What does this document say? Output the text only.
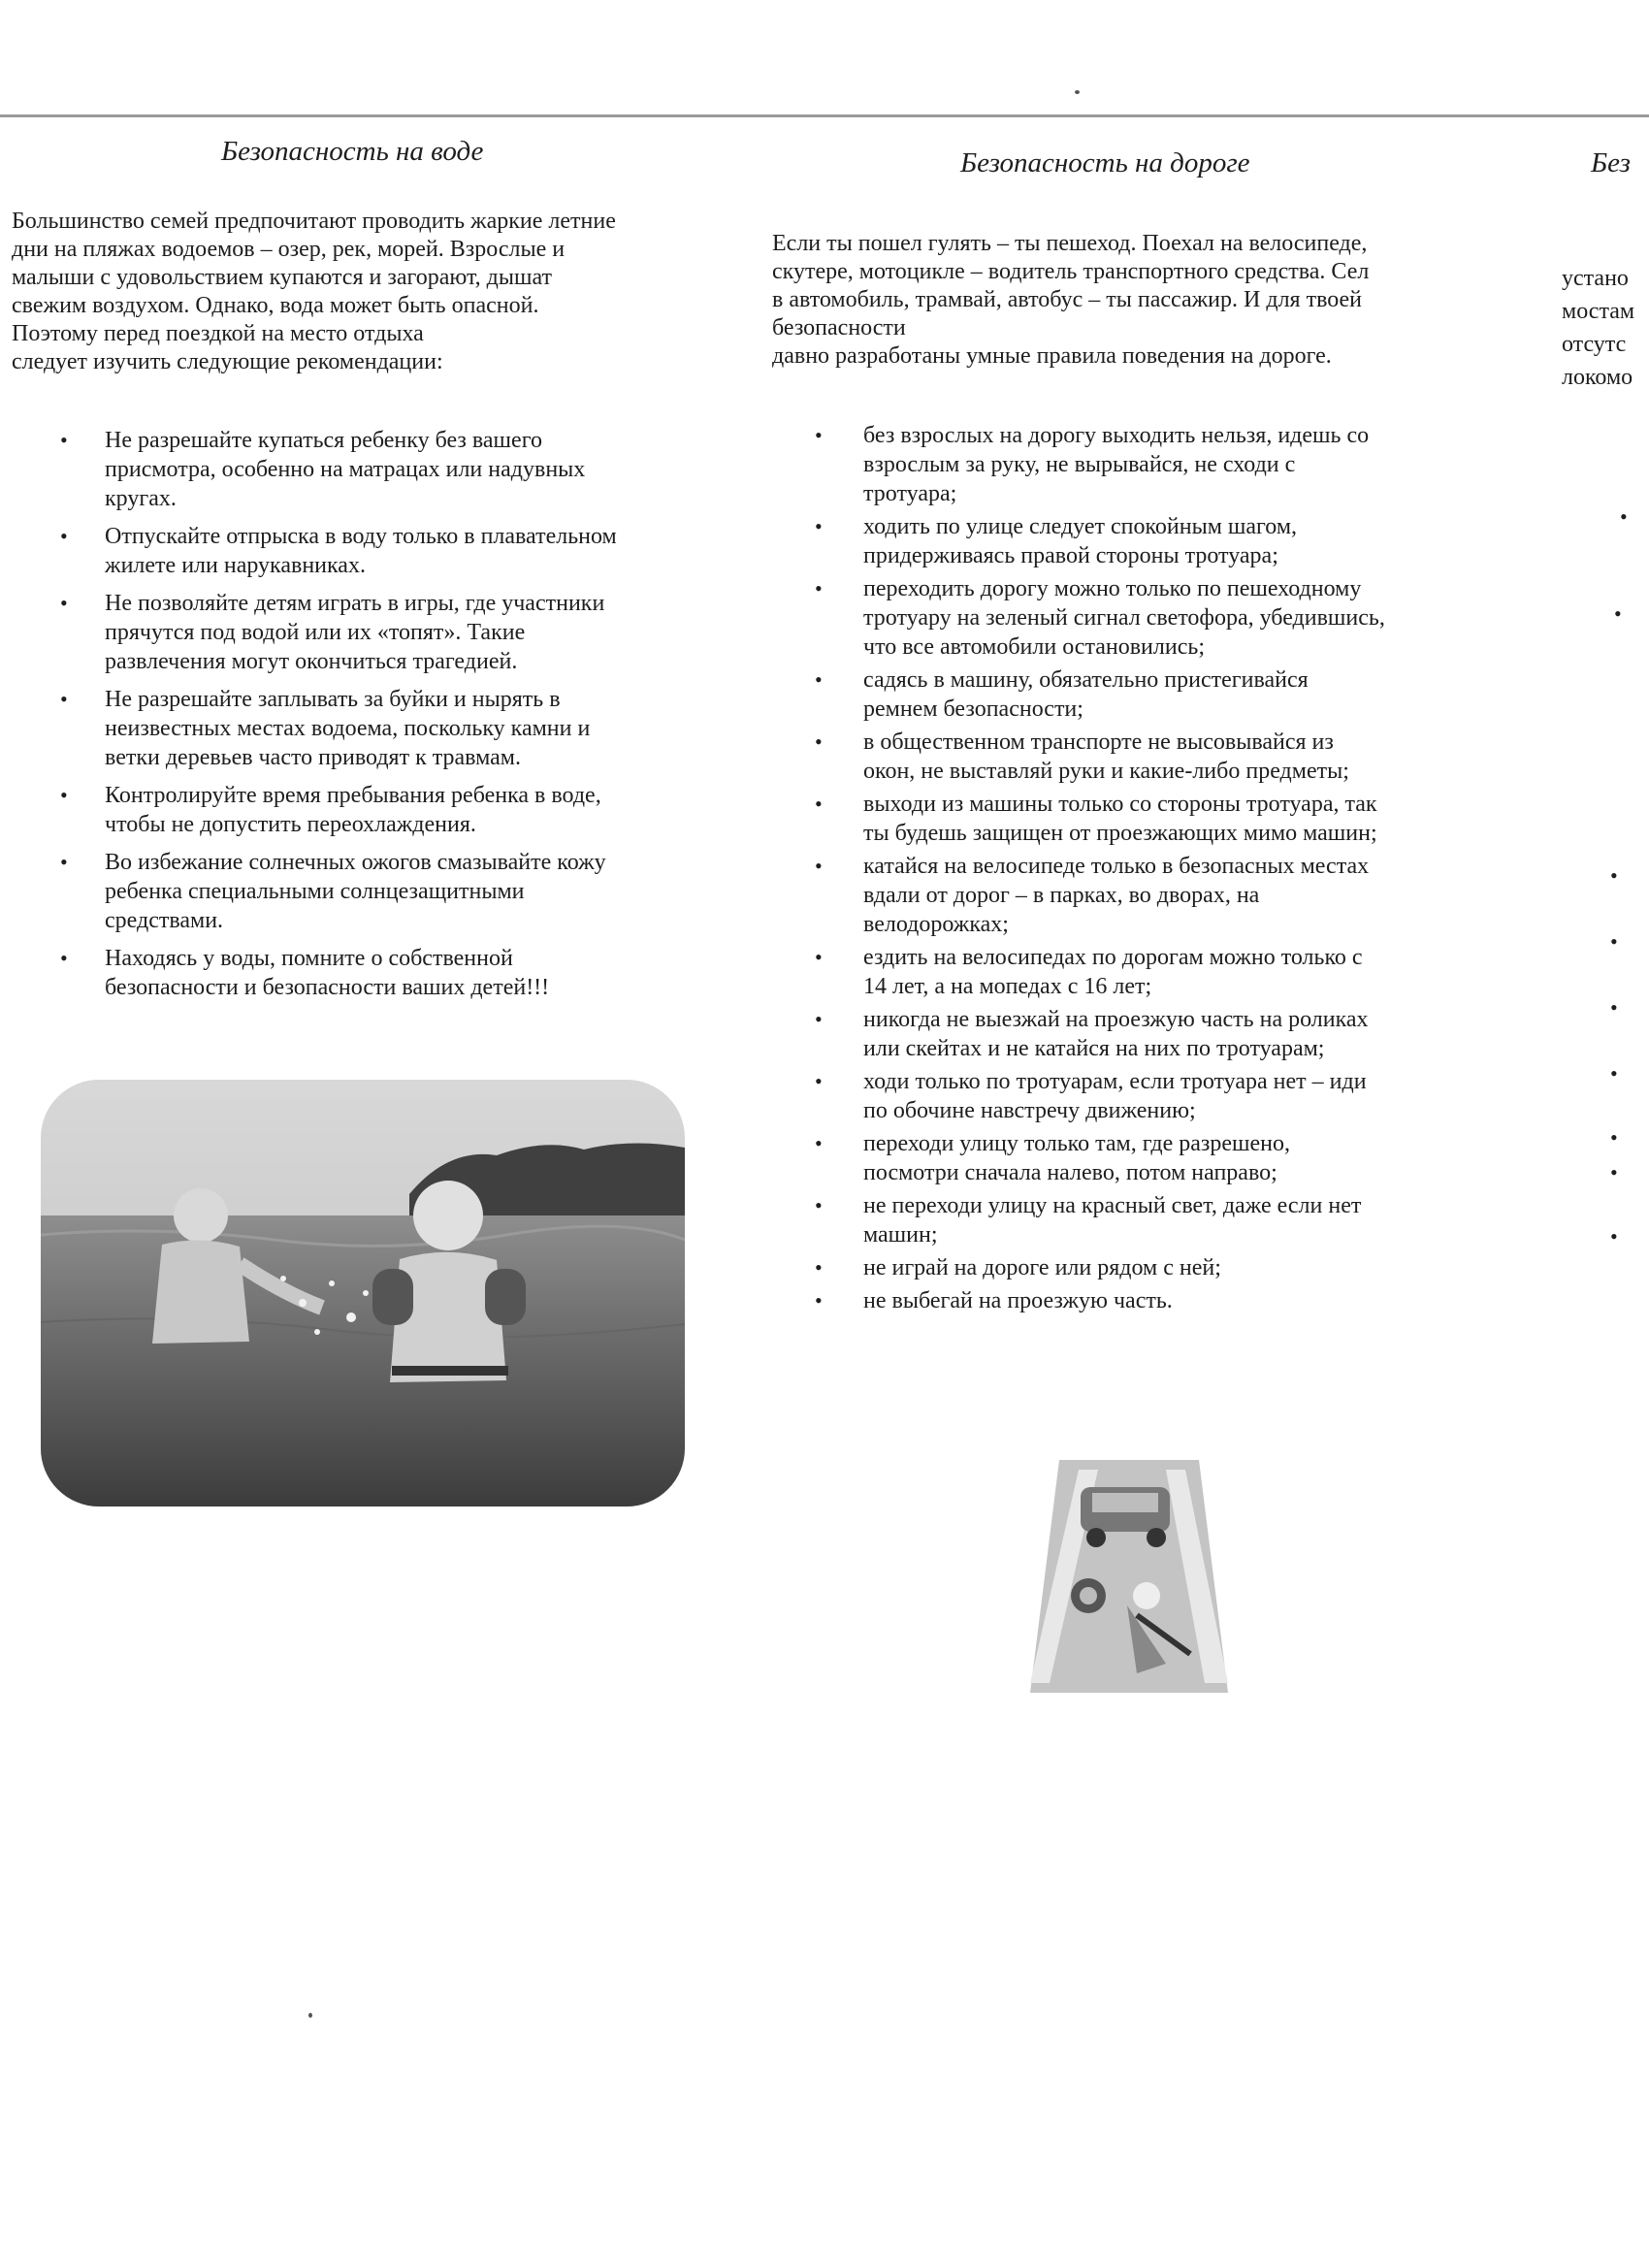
Безопасность на воде
Большинство семей предпочитают проводить жаркие летние
дни на пляжах водоемов – озер, рек, морей. Взрослые и
малыши с удовольствием купаются и загорают, дышат
свежим воздухом. Однако, вода может быть опасной.
Поэтому перед поездкой на место отдыха
следует изучить следующие рекомендации:
• Не разрешайте купаться ребенку без вашего
присмотра, особенно на матрацах или надувных
кругах.
• Отпускайте отпрыска в воду только в плавательном
жилете или нарукавниках.
• Не позволяйте детям играть в игры, где участники
прячутся под водой или их «топят». Такие
развлечения могут окончиться трагедией.
• Не разрешайте заплывать за буйки и нырять в
неизвестных местах водоема, поскольку камни и
ветки деревьев часто приводят к травмам.
• Контролируйте время пребывания ребенка в воде,
чтобы не допустить переохлаждения.
• Во избежание солнечных ожогов смазывайте кожу
ребенка специальными солнцезащитными
средствами.
• Находясь у воды, помните о собственной
безопасности и безопасности ваших детей!!!
Безопасность на дороге
Если ты пошел гулять – ты пешеход. Поехал на велосипеде,
скутере, мотоцикле – водитель транспортного средства. Сел
в автомобиль, трамвай, автобус – ты пассажир. И для твоей
безопасности
давно разработаны умные правила поведения на дороге.
• без взрослых на дорогу выходить нельзя, идешь со
взрослым за руку, не вырывайся, не сходи с
тротуара;
• ходить по улице следует спокойным шагом,
придерживаясь правой стороны тротуара;
• переходить дорогу можно только по пешеходному
тротуару на зеленый сигнал светофора, убедившись,
что все автомобили остановились;
• садясь в машину, обязательно пристегивайся
ремнем безопасности;
• в общественном транспорте не высовывайся из
окон, не выставляй руки и какие-либо предметы;
• выходи из машины только со стороны тротуара, так
ты будешь защищен от проезжающих мимо машин;
• катайся на велосипеде только в безопасных местах
вдали от дорог – в парках, во дворах, на
велодорожках;
• ездить на велосипедах по дорогам можно только с
14 лет, а на мопедах с 16 лет;
• никогда не выезжай на проезжую часть на роликах
или скейтах и не катайся на них по тротуарам;
• ходи только по тротуарам, если тротуара нет – иди
по обочине навстречу движению;
• переходи улицу только там, где разрешено,
посмотри сначала налево, потом направо;
• не переходи улицу на красный свет, даже если нет
машин;
• не играй на дороге или рядом с ней;
• не выбегай на проезжую часть.
Без
устано
мостам
отсутс
локомо
•
•
•
•
•
•
•
•
•
